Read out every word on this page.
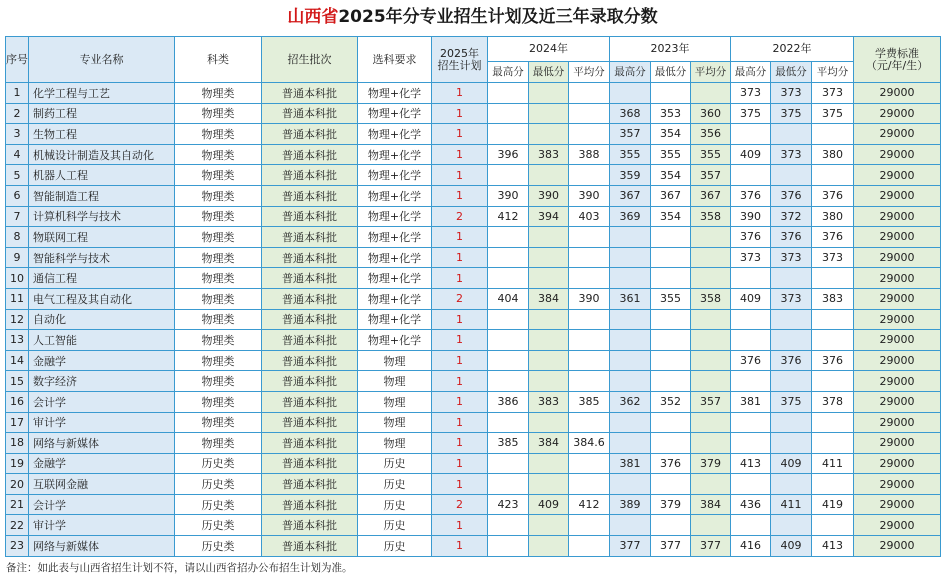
山西省2025年分专业招生计划及近三年录取分数
序号	专业名称	科类	招生批次	选科要求	2025年
招生计划	2024年			2023年			2022年			学费标准
（元/年/生）
						最高分	最低分	平均分	最高分	最低分	平均分	最高分	最低分	平均分	
1	化学工程与工艺	物理类	普通本科批	物理+化学	1							373	373	373	29000
2	制药工程	物理类	普通本科批	物理+化学	1				368	353	360	375	375	375	29000
3	生物工程	物理类	普通本科批	物理+化学	1				357	354	356				29000
4	机械设计制造及其自动化	物理类	普通本科批	物理+化学	1	396	383	388	355	355	355	409	373	380	29000
5	机器人工程	物理类	普通本科批	物理+化学	1				359	354	357				29000
6	智能制造工程	物理类	普通本科批	物理+化学	1	390	390	390	367	367	367	376	376	376	29000
7	计算机科学与技术	物理类	普通本科批	物理+化学	2	412	394	403	369	354	358	390	372	380	29000
8	物联网工程	物理类	普通本科批	物理+化学	1							376	376	376	29000
9	智能科学与技术	物理类	普通本科批	物理+化学	1							373	373	373	29000
10	通信工程	物理类	普通本科批	物理+化学	1										29000
11	电气工程及其自动化	物理类	普通本科批	物理+化学	2	404	384	390	361	355	358	409	373	383	29000
12	自动化	物理类	普通本科批	物理+化学	1										29000
13	人工智能	物理类	普通本科批	物理+化学	1										29000
14	金融学	物理类	普通本科批	物理	1							376	376	376	29000
15	数字经济	物理类	普通本科批	物理	1										29000
16	会计学	物理类	普通本科批	物理	1	386	383	385	362	352	357	381	375	378	29000
17	审计学	物理类	普通本科批	物理	1										29000
18	网络与新媒体	物理类	普通本科批	物理	1	385	384	384.6							29000
19	金融学	历史类	普通本科批	历史	1				381	376	379	413	409	411	29000
20	互联网金融	历史类	普通本科批	历史	1										29000
21	会计学	历史类	普通本科批	历史	2	423	409	412	389	379	384	436	411	419	29000
22	审计学	历史类	普通本科批	历史	1										29000
23	网络与新媒体	历史类	普通本科批	历史	1				377	377	377	416	409	413	29000
备注：如此表与山西省招生计划不符，请以山西省招办公布招生计划为准。
